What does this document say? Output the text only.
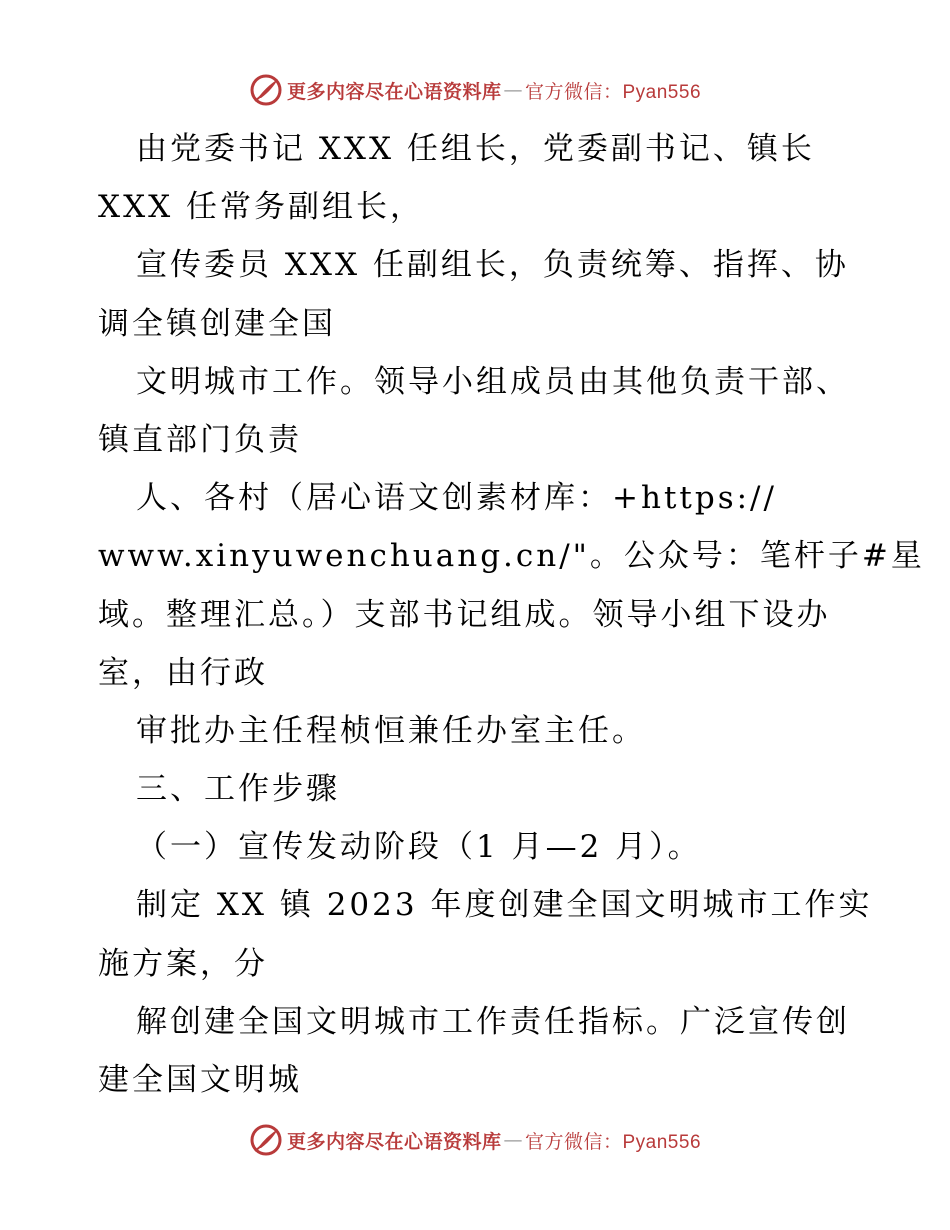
更多内容尽在心语资料库 — 官方微信：Pyan556
由党委书记 XXX 任组长，党委副书记、镇长
XXX 任常务副组长，
宣传委员 XXX 任副组长，负责统筹、指挥、协
调全镇创建全国
文明城市工作。领导小组成员由其他负责干部、
镇直部门负责
人、各村（居心语文创素材库：+https://
www.xinyuwenchuang.cn/"。公众号：笔杆子#星
域。整理汇总。）支部书记组成。领导小组下设办
室，由行政
审批办主任程桢恒兼任办室主任。
三、工作步骤
（一）宣传发动阶段（1 月—2 月）。
制定 XX 镇 2023 年度创建全国文明城市工作实
施方案，分
解创建全国文明城市工作责任指标。广泛宣传创
建全国文明城
更多内容尽在心语资料库 — 官方微信：Pyan556
